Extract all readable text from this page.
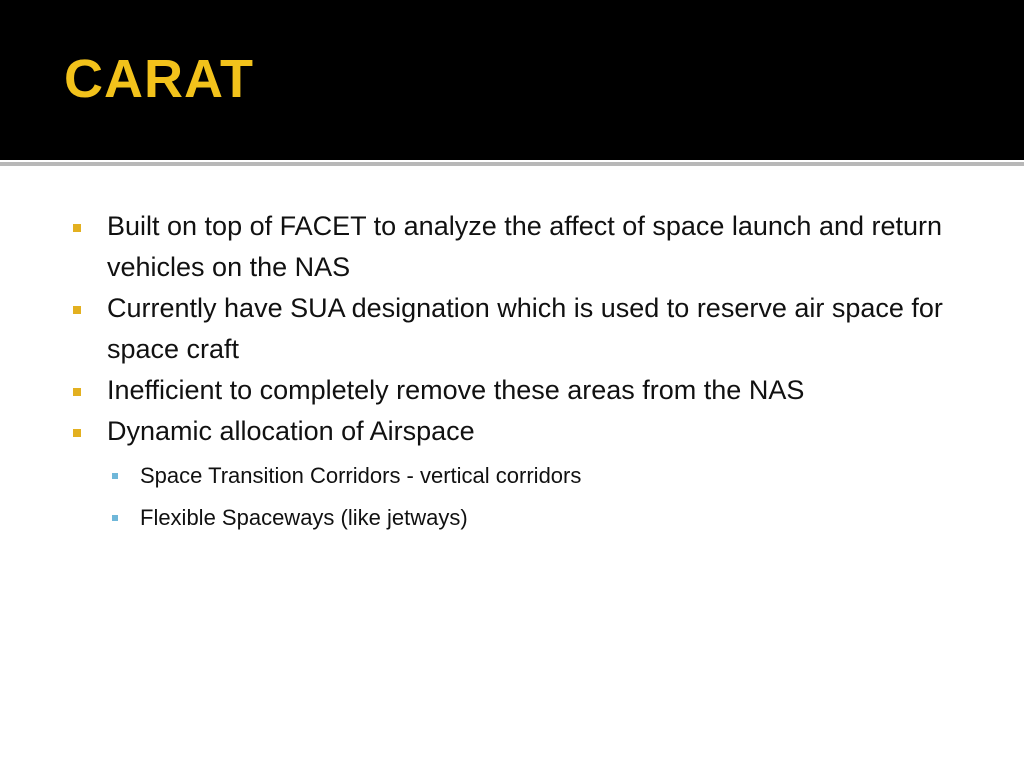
CARAT
Built on top of FACET to analyze the affect of space launch and return vehicles on the NAS
Currently have SUA designation which is used to reserve air space for space craft
Inefficient to completely remove these areas from the NAS
Dynamic allocation of Airspace
Space Transition Corridors - vertical corridors
Flexible Spaceways (like jetways)
